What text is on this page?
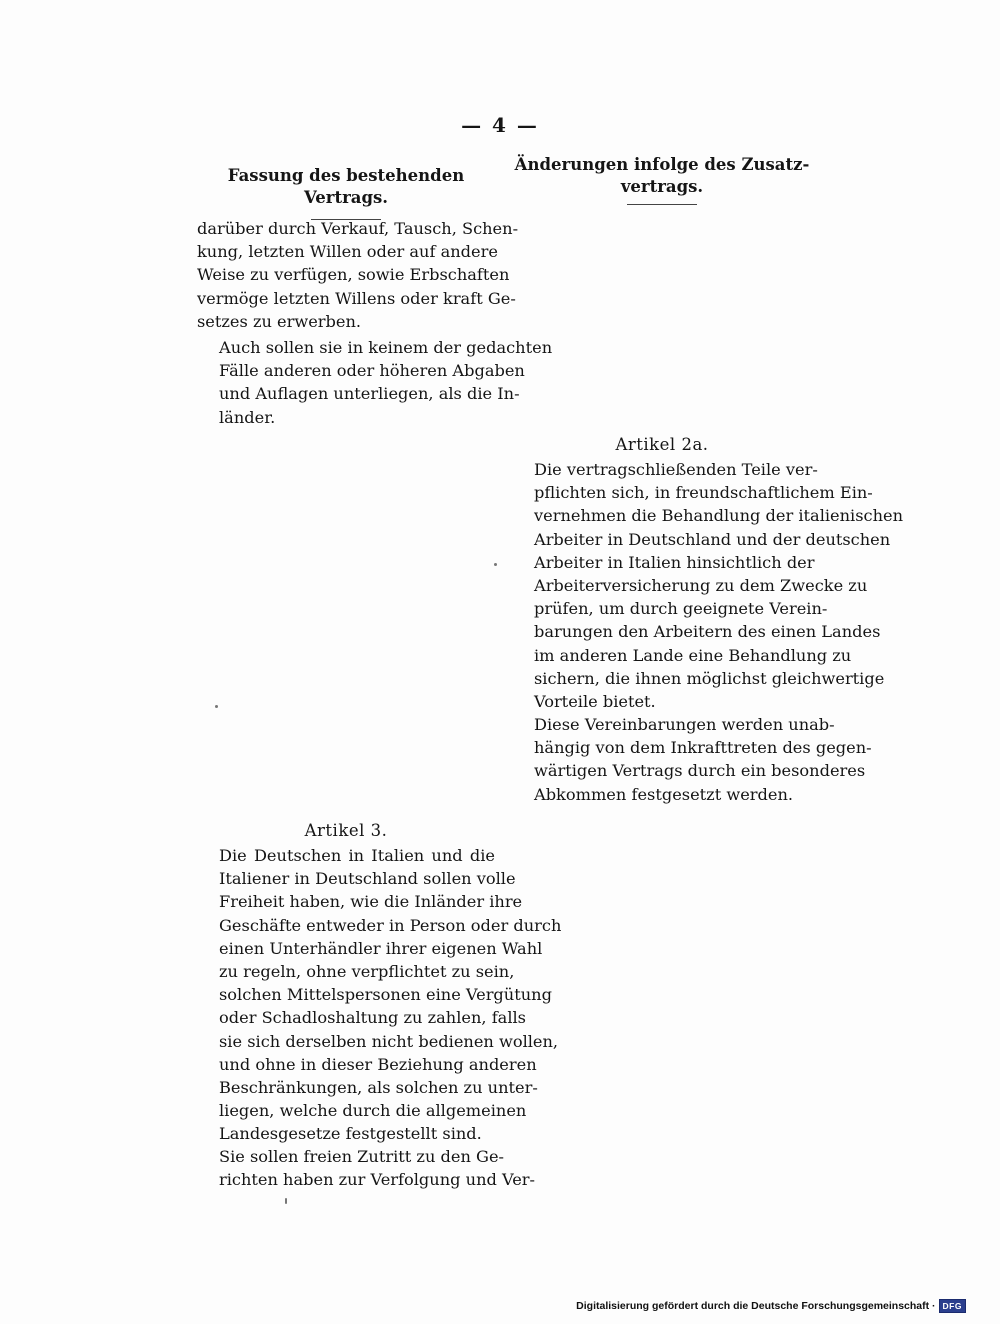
— 4 —
Fassung des bestehenden Vertrags.

darüber durch Verkauf, Tausch, Schen-
kung, letzten Willen oder auf andere
Weise zu verfügen, sowie Erbschaften
vermöge letzten Willens oder kraft Ge-
setzes zu erwerben.

Auch sollen sie in keinem der gedachten
Fälle anderen oder höheren Abgaben
und Auflagen unterliegen, als die In-
länder.

Artikel 3.

Die Deutschen in Italien und die
Italiener in Deutschland sollen volle
Freiheit haben, wie die Inländer ihre
Geschäfte entweder in Person oder durch
einen Unterhändler ihrer eigenen Wahl
zu regeln, ohne verpflichtet zu sein,
solchen Mittelspersonen eine Vergütung
oder Schadloshaltung zu zahlen, falls
sie sich derselben nicht bedienen wollen,
und ohne in dieser Beziehung anderen
Beschränkungen, als solchen zu unter-
liegen, welche durch die allgemeinen
Landesgesetze festgestellt sind.

Sie sollen freien Zutritt zu den Ge-
richten haben zur Verfolgung und Ver-

Änderungen infolge des Zusatz-
vertrags.
Artikel 2a.

Die vertragschließenden Teile ver-
pflichten sich, in freundschaftlichem Ein-
vernehmen die Behandlung der italienischen
Arbeiter in Deutschland und der deutschen
Arbeiter in Italien hinsichtlich der
Arbeiterversicherung zu dem Zwecke zu
prüfen, um durch geeignete Verein-
barungen den Arbeitern des einen Landes
im anderen Lande eine Behandlung zu
sichern, die ihnen möglichst gleichwertige
Vorteile bietet.

Diese Vereinbarungen werden unab-
hängig von dem Inkrafttreten des gegen-
wärtigen Vertrags durch ein besonderes
Abkommen festgesetzt werden.

Digitalisierung gefördert durch die Deutsche Forschungsgemeinschaft · DFG
